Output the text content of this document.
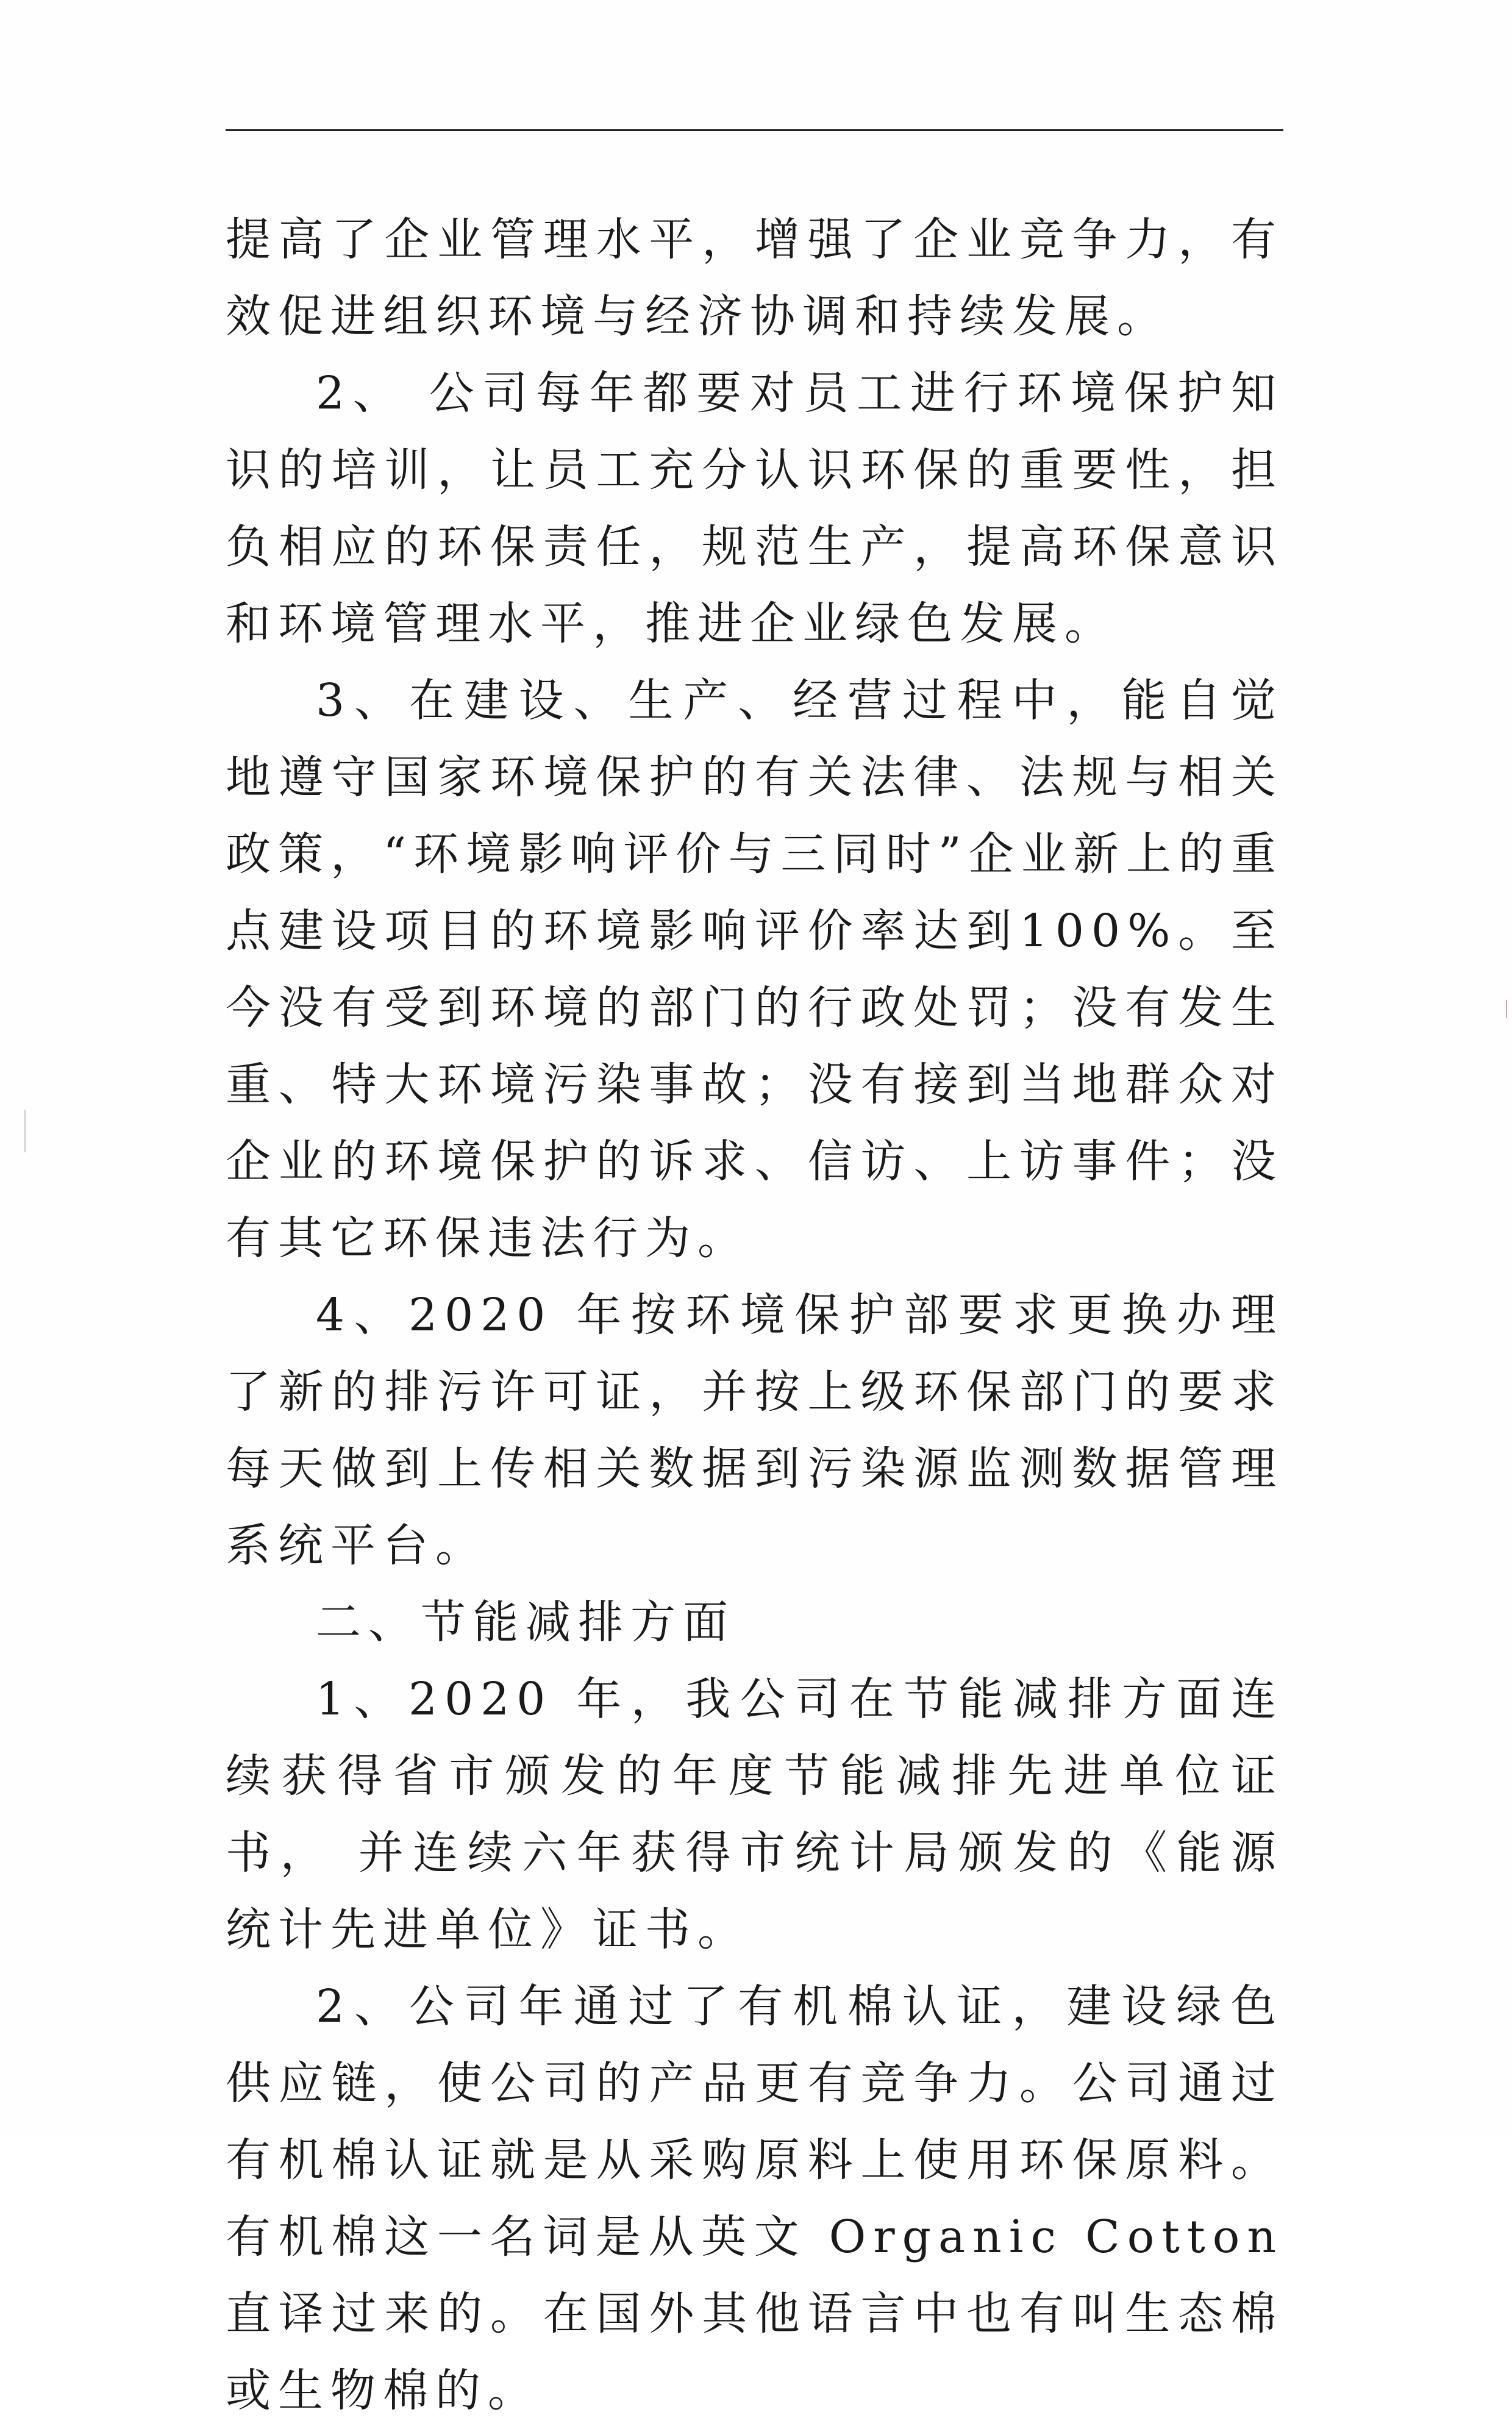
提高了企业管理水平，增强了企业竞争力，有效促进组织环境与经济协调和持续发展。

2、 公司每年都要对员工进行环境保护知识的培训，让员工充分认识环保的重要性，担负相应的环保责任，规范生产，提高环保意识和环境管理水平，推进企业绿色发展。

3、在建设、生产、经营过程中，能自觉地遵守国家环境保护的有关法律、法规与相关政策，“环境影响评价与三同时”企业新上的重点建设项目的环境影响评价率达到100%。至今没有受到环境的部门的行政处罚；没有发生重、特大环境污染事故；没有接到当地群众对企业的环境保护的诉求、信访、上访事件；没有其它环保违法行为。

4、2020 年按环境保护部要求更换办理了新的排污许可证，并按上级环保部门的要求每天做到上传相关数据到污染源监测数据管理系统平台。

二、节能减排方面

1、2020 年，我公司在节能减排方面连续获得省市颁发的年度节能减排先进单位证书， 并连续六年获得市统计局颁发的《能源统计先进单位》证书。

2、公司年通过了有机棉认证，建设绿色供应链，使公司的产品更有竞争力。公司通过有机棉认证就是从采购原料上使用环保原料。有机棉这一名词是从英文 Organic Cotton 直译过来的。在国外其他语言中也有叫生态棉或生物棉的。
